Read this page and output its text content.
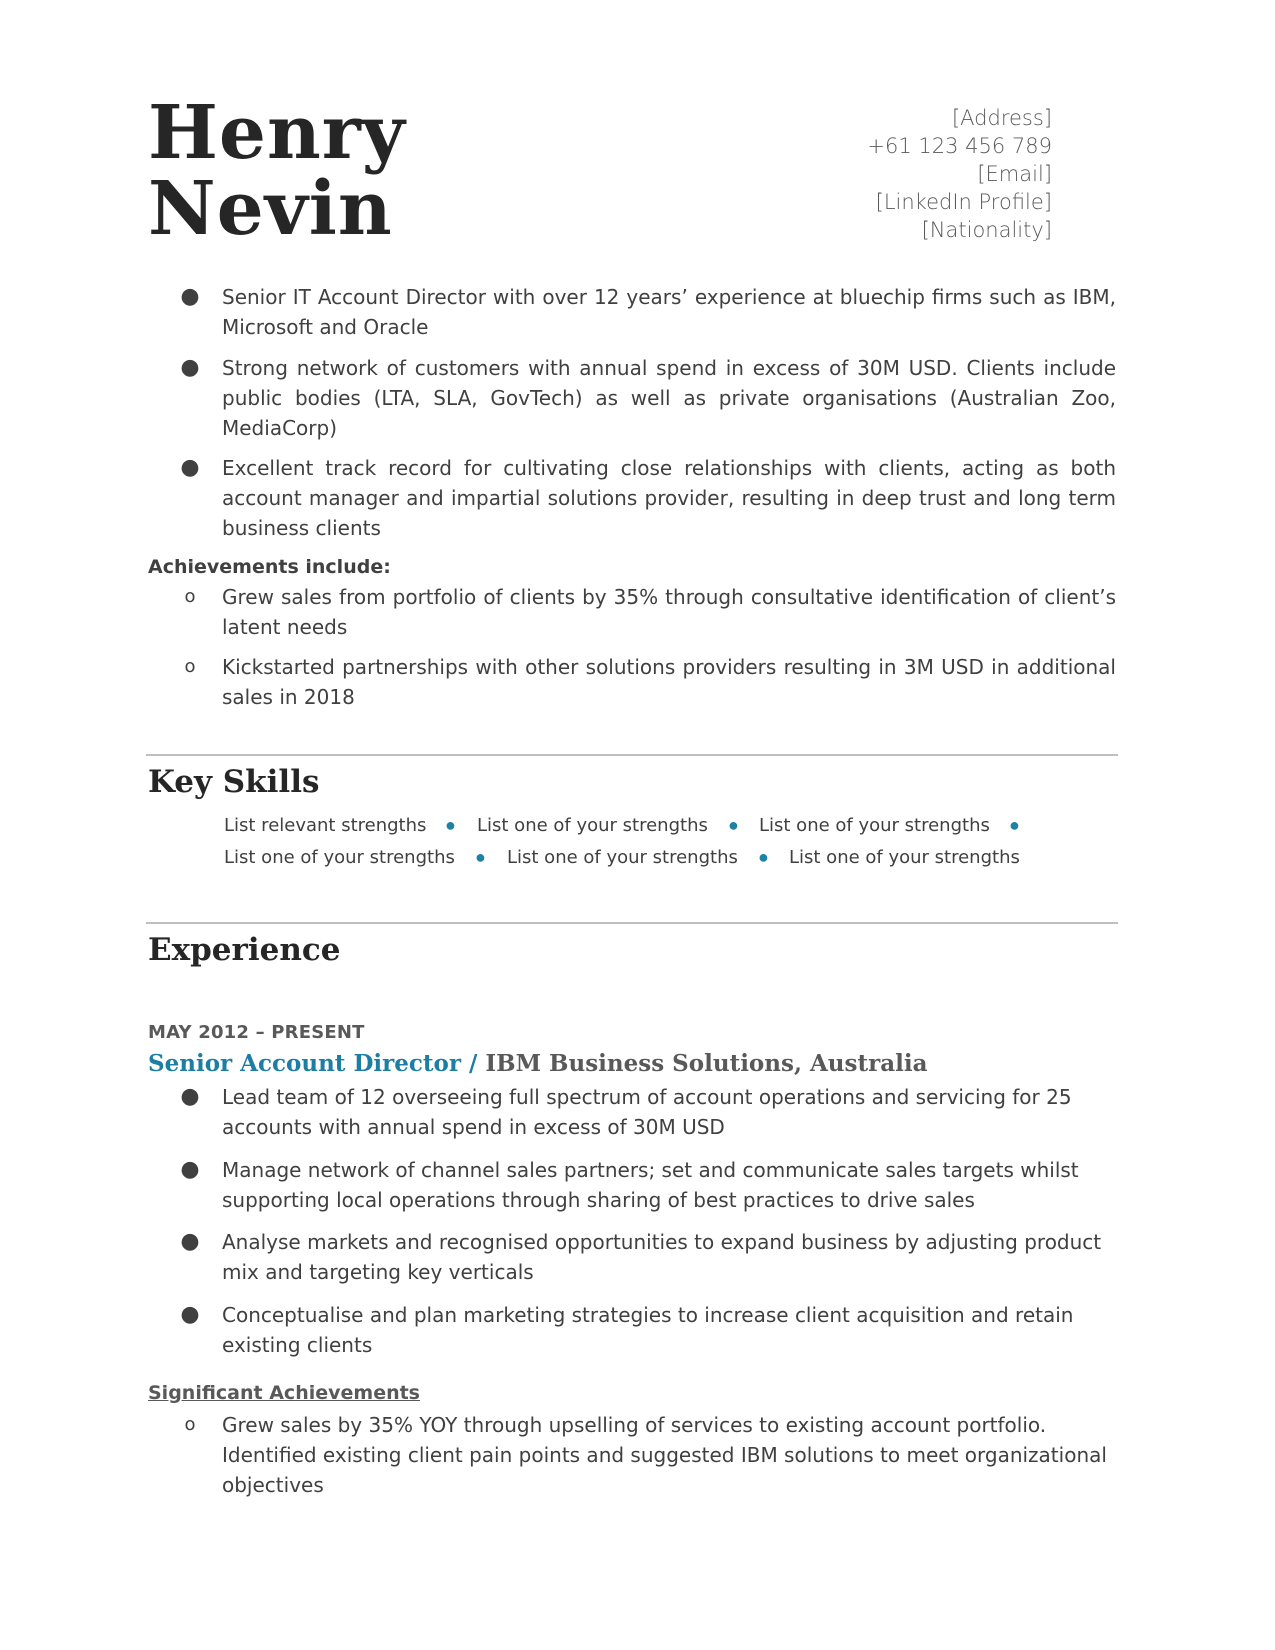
Henry
Nevin
[Address]
+61 123 456 789
[Email]
[LinkedIn Profile]
[Nationality]
● Senior IT Account Director with over 12 years’ experience at bluechip firms such as IBM, Microsoft and Oracle
● Strong network of customers with annual spend in excess of 30M USD. Clients include public bodies (LTA, SLA, GovTech) as well as private organisations (Australian Zoo, MediaCorp)
● Excellent track record for cultivating close relationships with clients, acting as both account manager and impartial solutions provider, resulting in deep trust and long term business clients
Achievements include:
o Grew sales from portfolio of clients by 35% through consultative identification of client’s latent needs
o Kickstarted partnerships with other solutions providers resulting in 3M USD in additional sales in 2018
Key Skills
List relevant strengths ● List one of your strengths ● List one of your strengths ●
List one of your strengths ● List one of your strengths ● List one of your strengths
Experience
MAY 2012 – PRESENT
Senior Account Director / IBM Business Solutions, Australia
● Lead team of 12 overseeing full spectrum of account operations and servicing for 25 accounts with annual spend in excess of 30M USD
● Manage network of channel sales partners; set and communicate sales targets whilst supporting local operations through sharing of best practices to drive sales
● Analyse markets and recognised opportunities to expand business by adjusting product mix and targeting key verticals
● Conceptualise and plan marketing strategies to increase client acquisition and retain existing clients
Significant Achievements
o Grew sales by 35% YOY through upselling of services to existing account portfolio. Identified existing client pain points and suggested IBM solutions to meet organizational objectives
